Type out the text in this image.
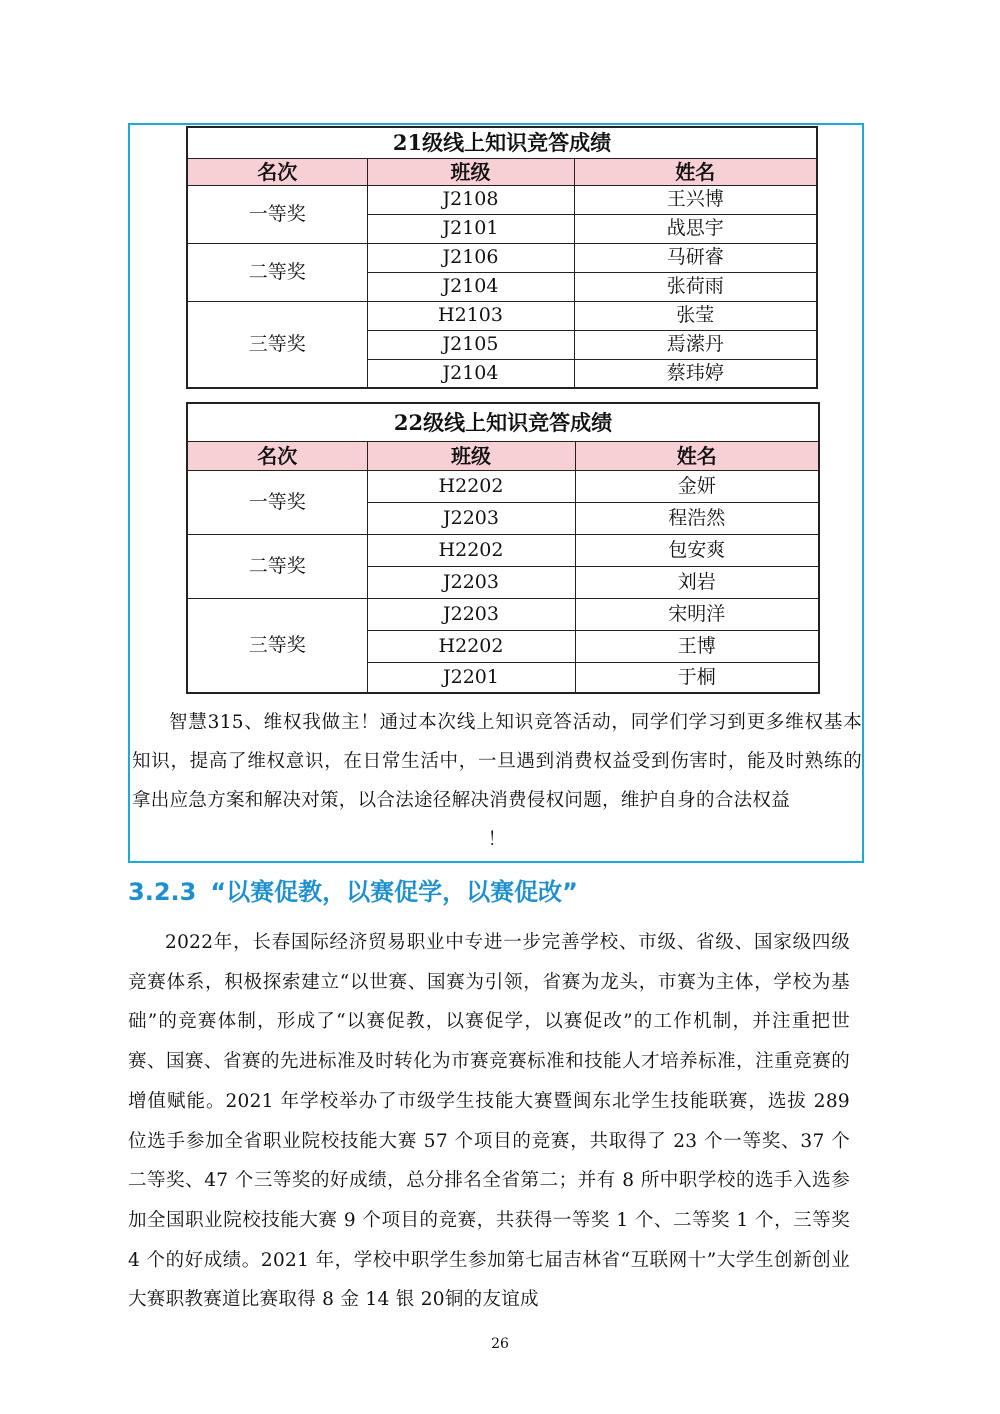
21级线上知识竞答成绩		
名次	班级	姓名
一等奖	J2108	王兴博
	J2101	战思宇
二等奖	J2106	马研睿
	J2104	张荷雨
三等奖	H2103	张莹
	J2105	焉潆丹
	J2104	蔡玮婷
22级线上知识竞答成绩		
名次	班级	姓名
一等奖	H2202	金妍
	J2203	程浩然
二等奖	H2202	包安爽
	J2203	刘岩
三等奖	J2203	宋明洋
	H2202	王博
	J2201	于桐
智慧315、维权我做主！通过本次线上知识竞答活动，同学们学习到更多维权基本知识，提高了维权意识，在日常生活中，一旦遇到消费权益受到伤害时，能及时熟练的拿出应急方案和解决对策，以合法途径解决消费侵权问题，维护自身的合法权益
！
3.2.3 “以赛促教，以赛促学，以赛促改”
2022年，长春国际经济贸易职业中专进一步完善学校、市级、省级、国家级四级竞赛体系，积极探索建立“以世赛、国赛为引领，省赛为龙头，市赛为主体，学校为基础”的竞赛体制，形成了“以赛促教，以赛促学，以赛促改”的工作机制，并注重把世赛、国赛、省赛的先进标准及时转化为市赛竞赛标准和技能人才培养标准，注重竞赛的增值赋能。2021 年学校举办了市级学生技能大赛暨闽东北学生技能联赛，选拔 289 位选手参加全省职业院校技能大赛 57 个项目的竞赛，共取得了 23 个一等奖、37 个二等奖、47 个三等奖的好成绩，总分排名全省第二；并有 8 所中职学校的选手入选参加全国职业院校技能大赛 9 个项目的竞赛，共获得一等奖 1 个、二等奖 1 个，三等奖 4 个的好成绩。2021 年，学校中职学生参加第七届吉林省“互联网十”大学生创新创业大赛职教赛道比赛取得 8 金 14 银 20铜的友谊成
26
